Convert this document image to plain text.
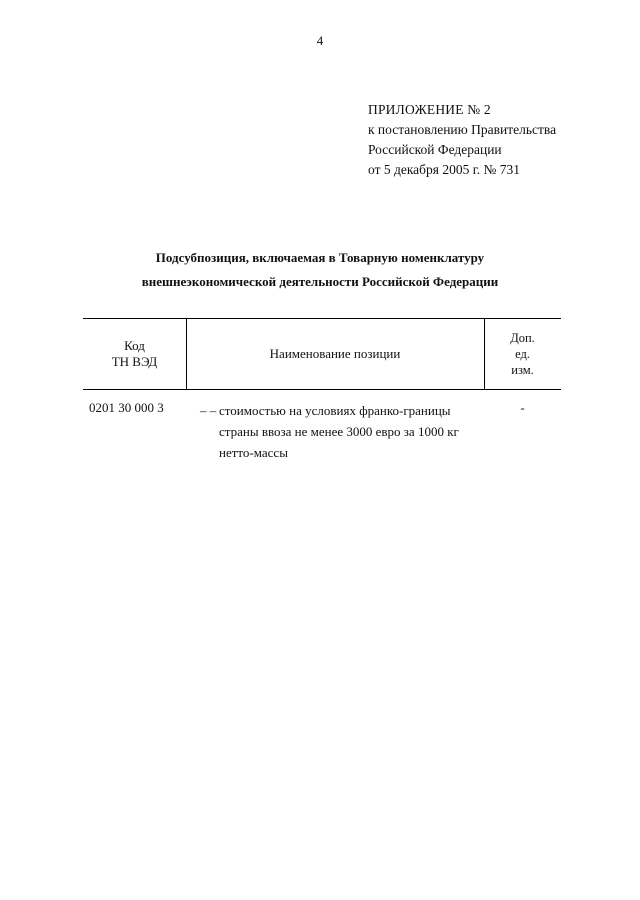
4
ПРИЛОЖЕНИЕ № 2
к постановлению Правительства
Российской Федерации
от 5 декабря 2005 г. № 731
Подсубпозиция, включаемая в Товарную номенклатуру
внешнеэкономической деятельности Российской Федерации
Код
ТН ВЭД
Наименование позиции
Доп.
ед.
изм.
0201 30 000 3	– – стоимостью на условиях франко-границы
страны ввоза не менее 3000 евро за 1000 кг
нетто-массы
-
